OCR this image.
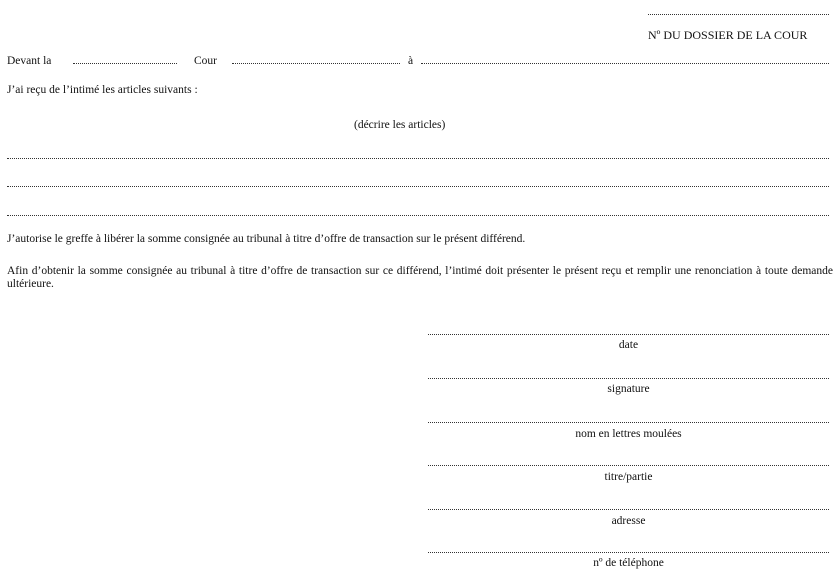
Nº DU DOSSIER DE LA COUR
Devant la	Cour	à
J’ai reçu de l’intimé les articles suivants :
(décrire les articles)
J’autorise le greffe à libérer la somme consignée au tribunal à titre d’offre de transaction sur le présent différend.
Afin d’obtenir la somme consignée au tribunal à titre d’offre de transaction sur ce différend, l’intimé doit présenter le présent reçu et remplir une renonciation à toute demande ultérieure.
date
signature
nom en lettres moulées
titre/partie
adresse
nº de téléphone
